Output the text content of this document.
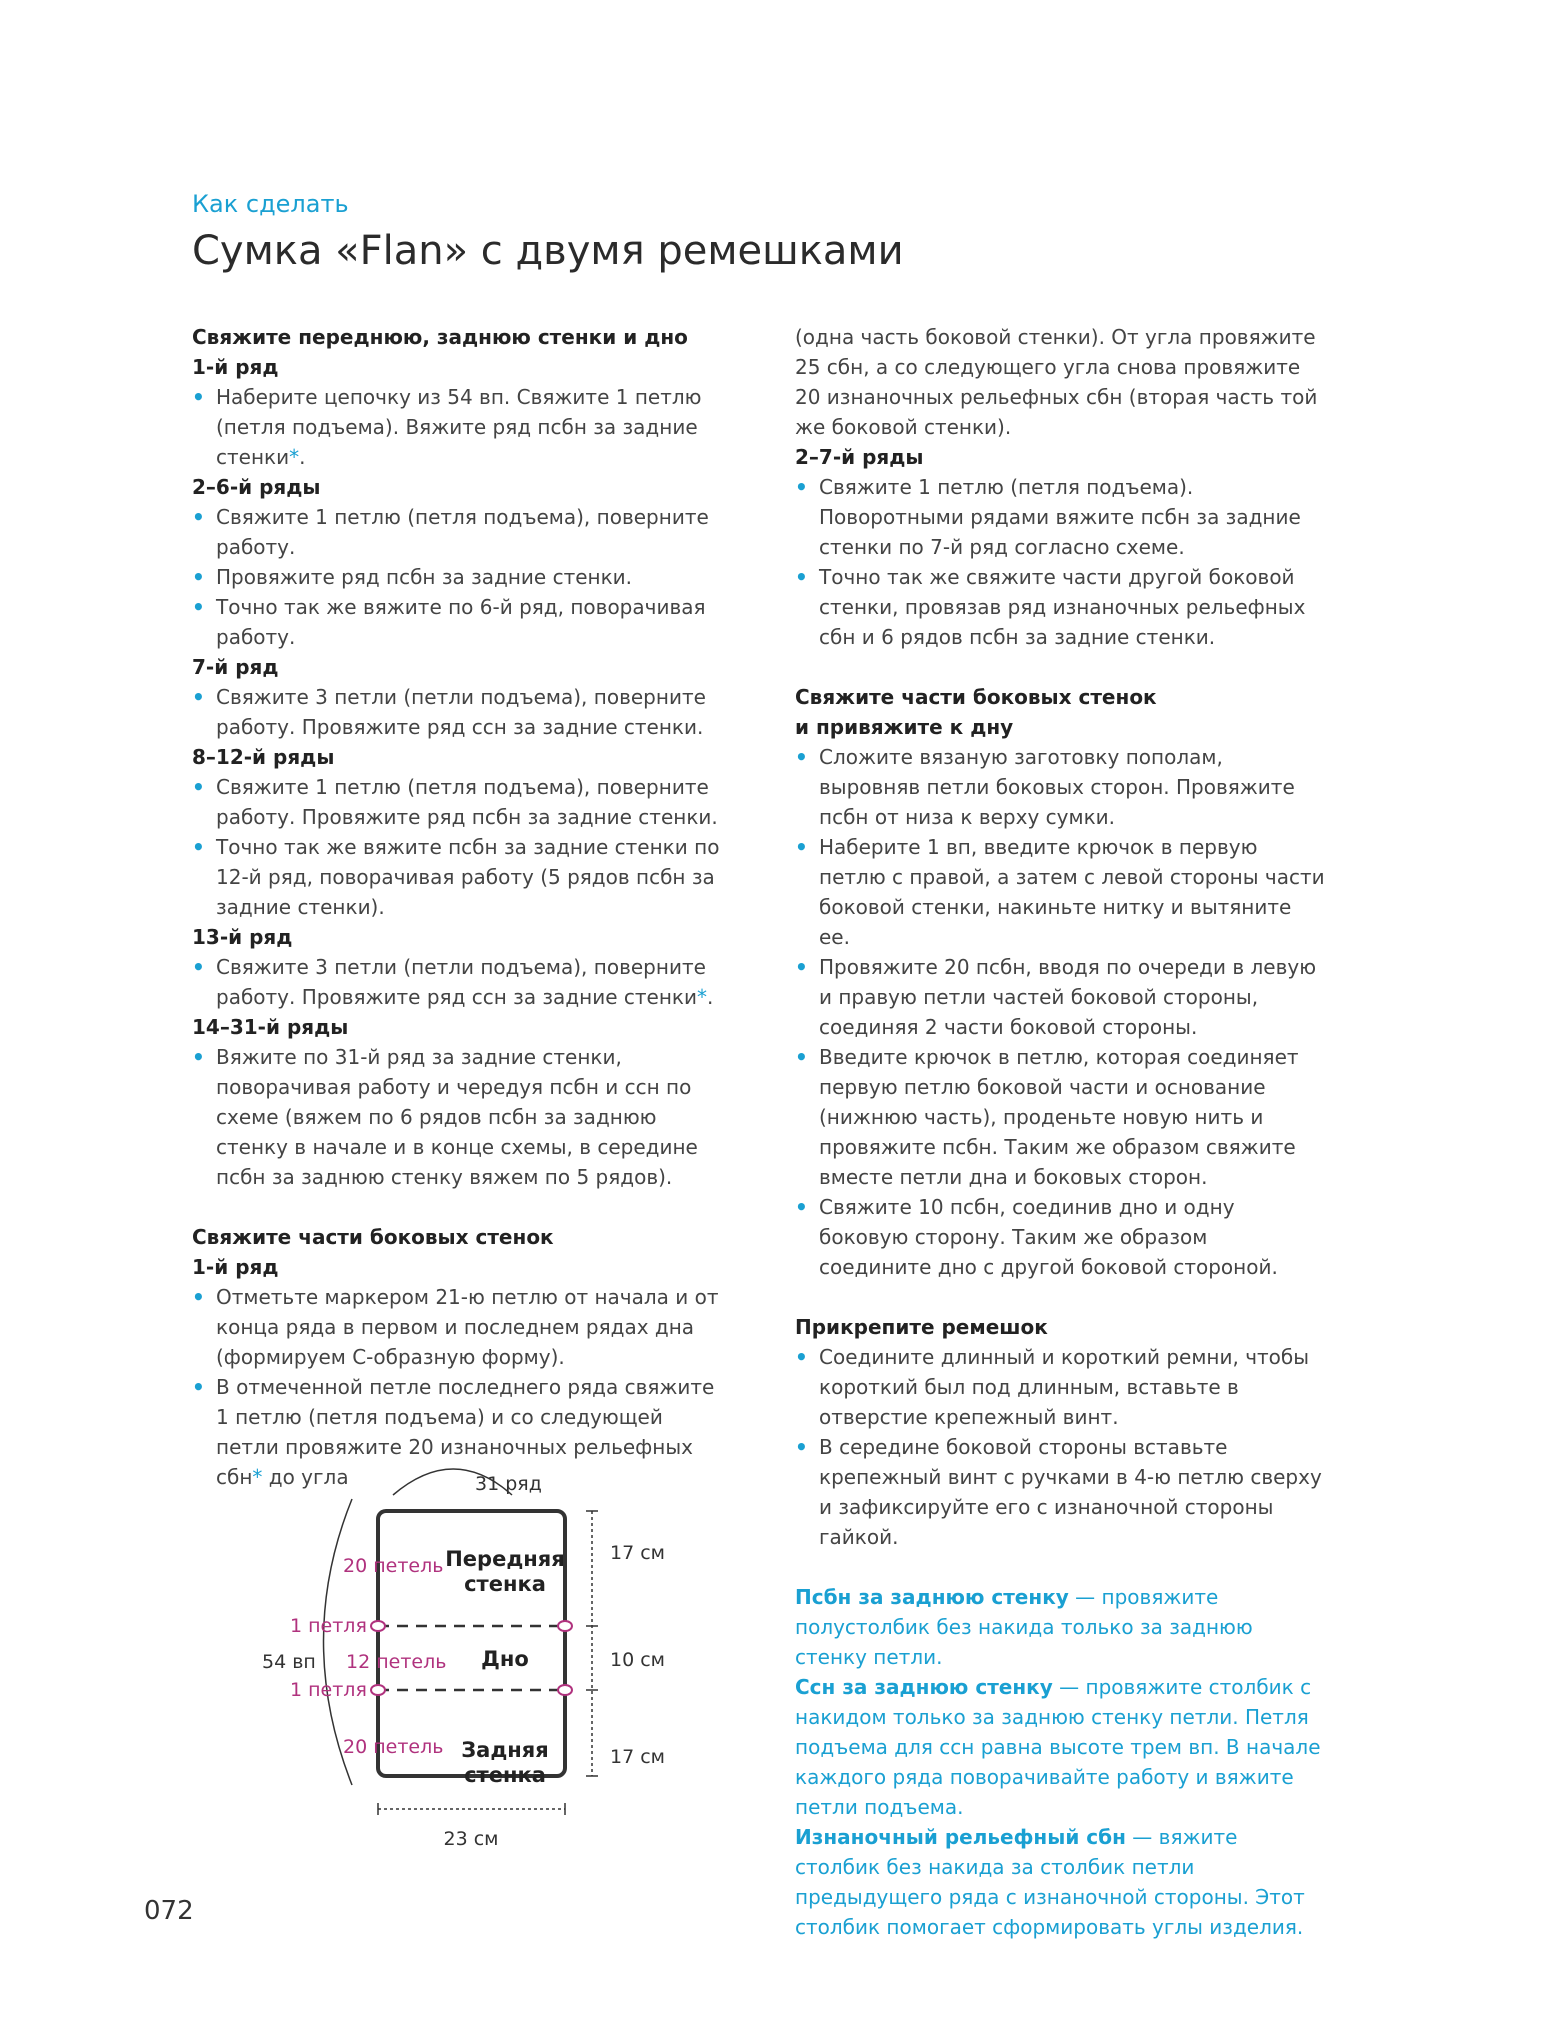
Как сделать
Сумка «Flan» с двумя ремешками
Свяжите переднюю, заднюю стенки и дно
1-й ряд
• Наберите цепочку из 54 вп. Свяжите 1 петлю (петля подъема). Вяжите ряд псбн за задние стенки*.
2–6-й ряды
• Свяжите 1 петлю (петля подъема), поверните работу.
• Провяжите ряд псбн за задние стенки.
• Точно так же вяжите по 6-й ряд, поворачивая работу.
7-й ряд
• Свяжите 3 петли (петли подъема), поверните работу. Провяжите ряд ссн за задние стенки.
8–12-й ряды
• Свяжите 1 петлю (петля подъема), поверните работу. Провяжите ряд псбн за задние стенки.
• Точно так же вяжите псбн за задние стенки по 12-й ряд, поворачивая работу (5 рядов псбн за задние стенки).
13-й ряд
• Свяжите 3 петли (петли подъема), поверните работу. Провяжите ряд ссн за задние стенки*.
14–31-й ряды
• Вяжите по 31-й ряд за задние стенки, поворачивая работу и чередуя псбн и ссн по схеме (вяжем по 6 рядов псбн за заднюю стенку в начале и в конце схемы, в середине псбн за заднюю стенку вяжем по 5 рядов).
Свяжите части боковых стенок
1-й ряд
• Отметьте маркером 21-ю петлю от начала и от конца ряда в первом и последнем рядах дна (формируем С-образную форму).
• В отмеченной петле последнего ряда свяжите 1 петлю (петля подъема) и со следующей петли провяжите 20 изнаночных рельефных сбн* до угла

(одна часть боковой стенки). От угла провяжите 25 сбн, а со следующего угла снова провяжите 20 изнаночных рельефных сбн (вторая часть той же боковой стенки).

2–7-й ряды
• Свяжите 1 петлю (петля подъема). Поворотными рядами вяжите псбн за задние стенки по 7-й ряд согласно схеме.
• Точно так же свяжите части другой боковой стенки, провязав ряд изнаночных рельефных сбн и 6 рядов псбн за задние стенки.
Свяжите части боковых стенок
и привяжите к дну
• Сложите вязаную заготовку пополам, выровняв петли боковых сторон. Провяжите псбн от низа к верху сумки.
• Наберите 1 вп, введите крючок в первую петлю с правой, а затем с левой стороны части боковой стенки, накиньте нитку и вытяните ее.
• Провяжите 20 псбн, вводя по очереди в левую и правую петли частей боковой стороны, соединяя 2 части боковой стороны.
• Введите крючок в петлю, которая соединяет первую петлю боковой части и основание (нижнюю часть), проденьте новую нить и провяжите псбн. Таким же образом свяжите вместе петли дна и боковых сторон.
• Свяжите 10 псбн, соединив дно и одну боковую сторону. Таким же образом соедините дно с другой боковой стороной.
Прикрепите ремешок
• Соедините длинный и короткий ремни, чтобы короткий был под длинным, вставьте в отверстие крепежный винт.
• В середине боковой стороны вставьте крепежный винт с ручками в 4-ю петлю сверху и зафиксируйте его с изнаночной стороны гайкой.
Псбн за заднюю стенку — провяжите полустолбик без накида только за заднюю стенку петли.
Ссн за заднюю стенку — провяжите столбик с накидом только за заднюю стенку петли. Петля подъема для ссн равна высоте трем вп. В начале каждого ряда поворачивайте работу и вяжите петли подъема.
Изнаночный рельефный сбн — вяжите столбик без накида за столбик петли предыдущего ряда с изнаночной стороны. Этот столбик помогает сформировать углы изделия.
31 ряд
Передняя
стенка
Дно
Задняя
стенка
20 петель
1 петля
54 вп 12 петель
1 петля
20 петель
17 см
10 см
17 см
23 см
072
